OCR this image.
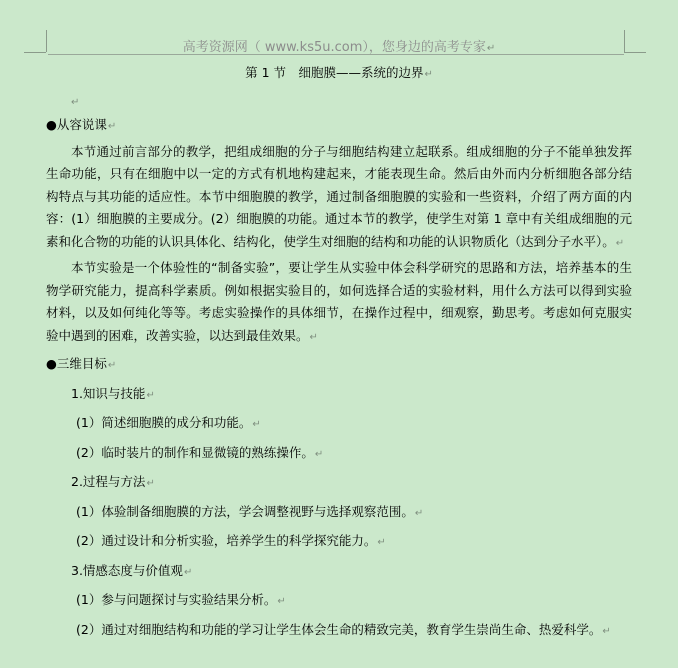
高考资源网（ www.ks5u.com），您身边的高考专家↵
第 1 节　细胞膜——系统的边界↵
↵

●从容说课↵

本节通过前言部分的教学，把组成细胞的分子与细胞结构建立起联系。组成细胞的分子不能单独发挥生命功能，只有在细胞中以一定的方式有机地构建起来，才能表现生命。然后由外而内分析细胞各部分结构特点与其功能的适应性。本节中细胞膜的教学，通过制备细胞膜的实验和一些资料，介绍了两方面的内容：(1）细胞膜的主要成分。(2）细胞膜的功能。通过本节的教学，使学生对第 1 章中有关组成细胞的元素和化合物的功能的认识具体化、结构化，使学生对细胞的结构和功能的认识物质化（达到分子水平）。↵

本节实验是一个体验性的“制备实验”，要让学生从实验中体会科学研究的思路和方法，培养基本的生物学研究能力，提高科学素质。例如根据实验目的，如何选择合适的实验材料，用什么方法可以得到实验材料，以及如何纯化等等。考虑实验操作的具体细节，在操作过程中，细观察，勤思考。考虑如何克服实验中遇到的困难，改善实验，以达到最佳效果。↵

●三维目标↵

1.知识与技能↵

(1）简述细胞膜的成分和功能。↵

(2）临时装片的制作和显微镜的熟练操作。↵

2.过程与方法↵

(1）体验制备细胞膜的方法，学会调整视野与选择观察范围。↵

(2）通过设计和分析实验，培养学生的科学探究能力。↵

3.情感态度与价值观↵

(1）参与问题探讨与实验结果分析。↵

(2）通过对细胞结构和功能的学习让学生体会生命的精致完美，教育学生崇尚生命、热爱科学。↵
